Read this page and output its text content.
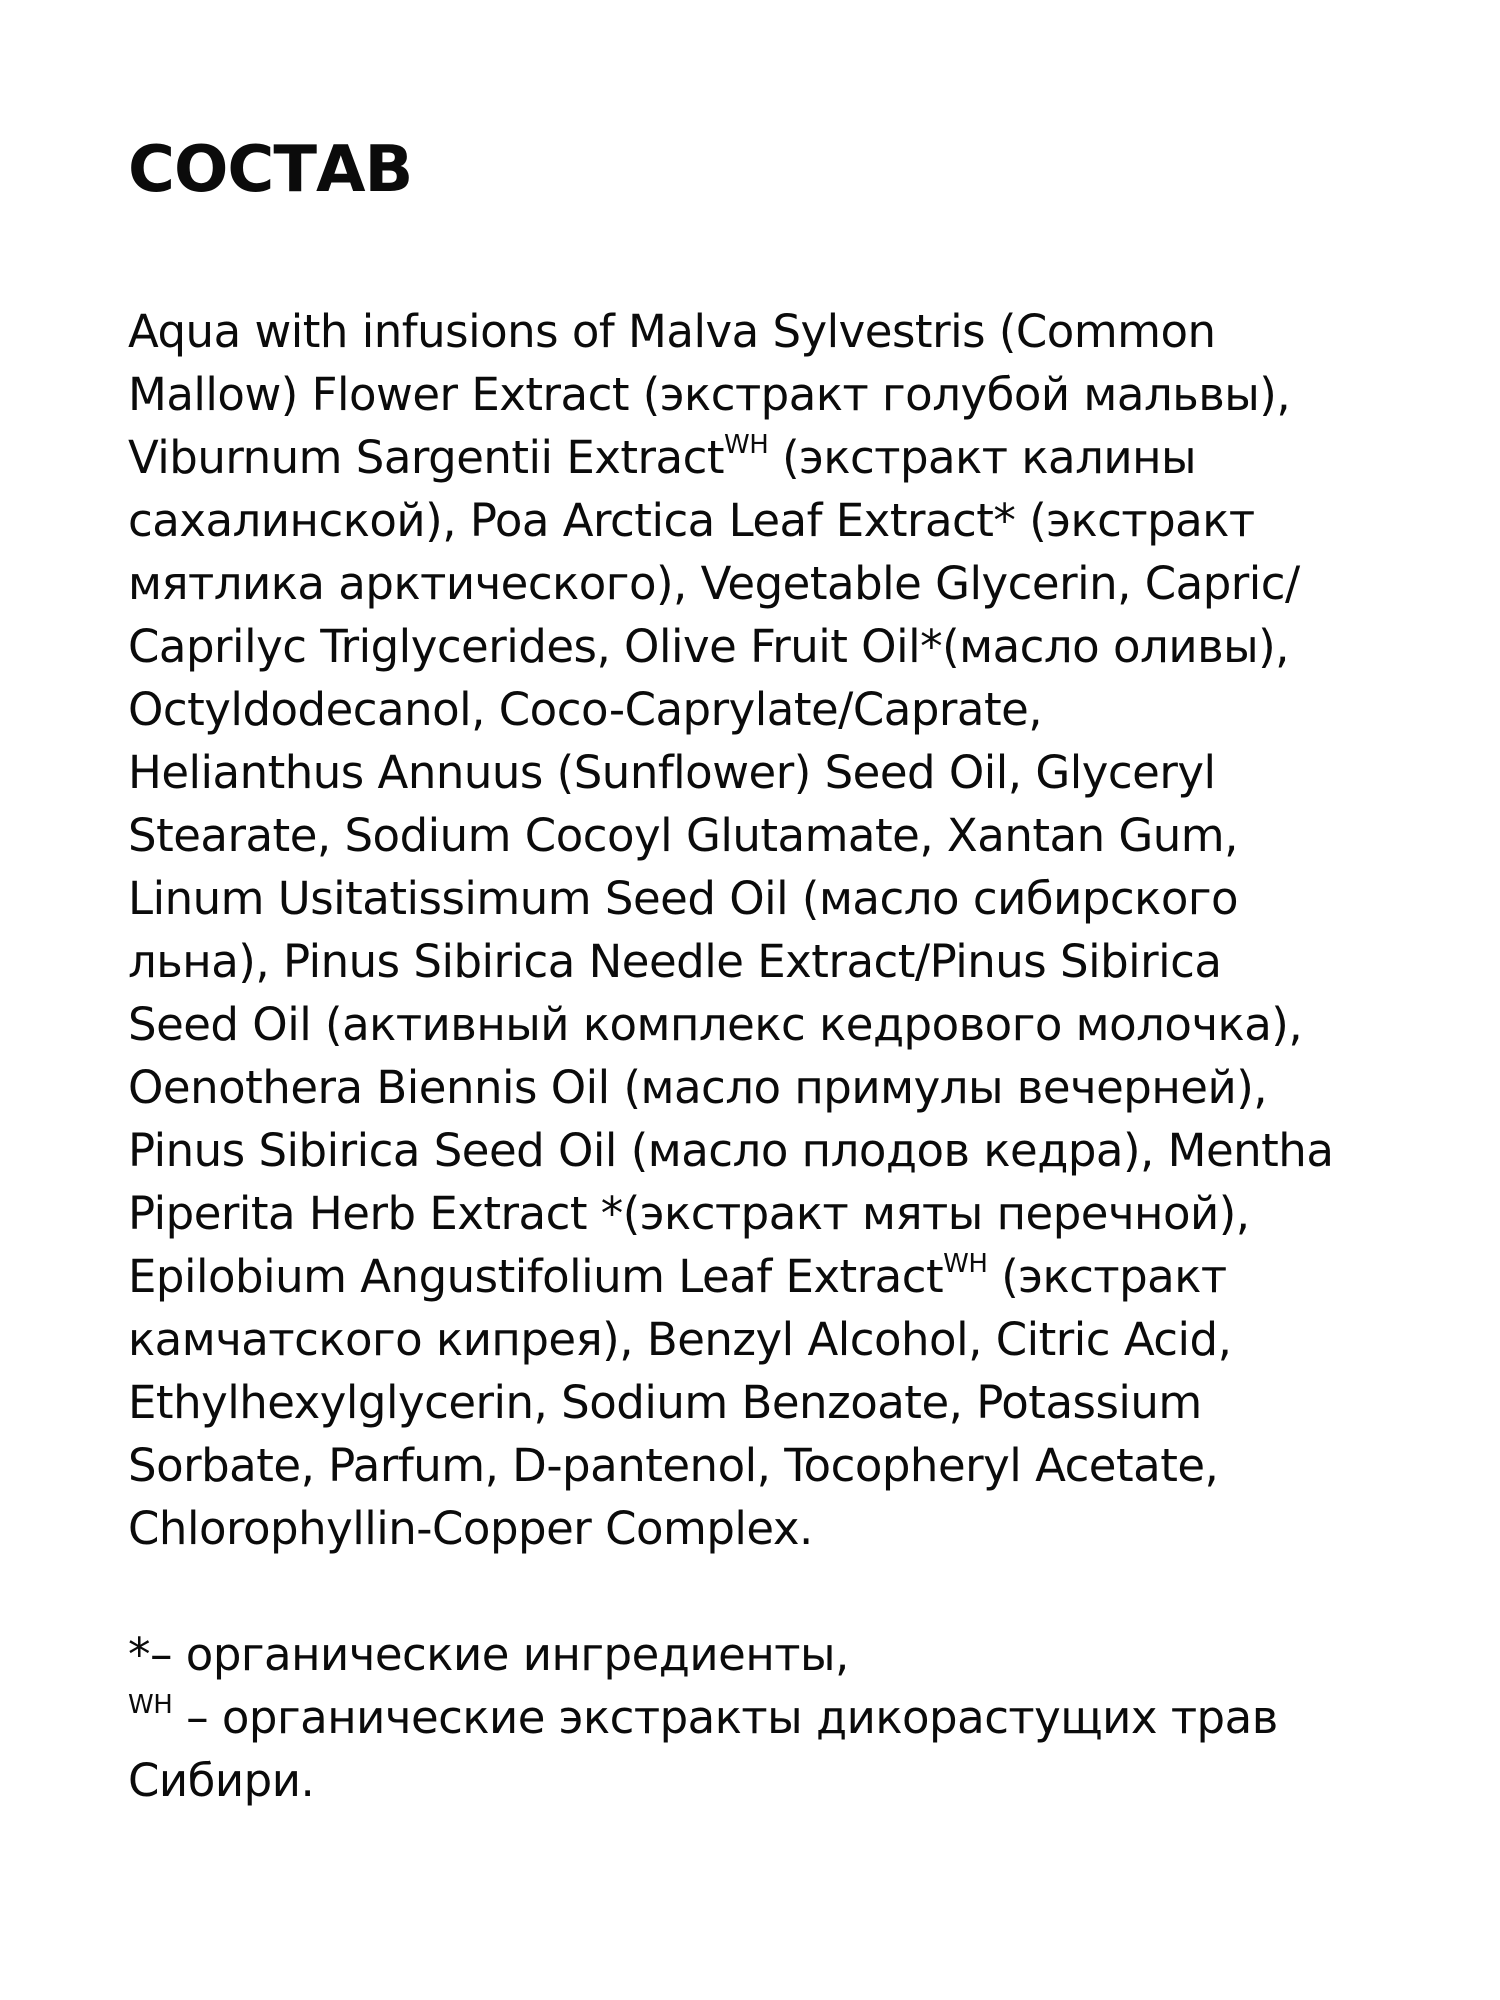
СОСТАВ
Aqua with infusions of Malva Sylvestris (Common
Mallow) Flower Extract (экстракт голубой мальвы),
Viburnum Sargentii Extract$^{WH}$ (экстракт калины
сахалинской), Poa Arctica Leaf Extract* (экстракт
мятлика арктического), Vegetable Glycerin, Capric/
Caprilyc Triglycerides, Olive Fruit Oil*(масло оливы),
Octyldodecanol, Coco-Caprylate/Caprate,
Helianthus Annuus (Sunflower) Seed Oil, Glyceryl
Stearate, Sodium Cocoyl Glutamate, Xantan Gum,
Linum Usitatissimum Seed Oil (масло сибирского
льна), Pinus Sibirica Needle Extract/Pinus Sibirica
Seed Oil (активный комплекс кедрового молочка),
Oenothera Biennis Oil (масло примулы вечерней),
Pinus Sibirica Seed Oil (масло плодов кедра), Mentha
Piperita Herb Extract *(экстракт мяты перечной),
Epilobium Angustifolium Leaf Extract$^{WH}$ (экстракт
камчатского кипрея), Benzyl Alcohol, Citric Acid,
Ethylhexylglycerin, Sodium Benzoate, Potassium
Sorbate, Parfum, D-pantenol, Tocopheryl Acetate,
Chlorophyllin-Copper Complex.
*– органические ингредиенты,
$^{WH}$ – органические экстракты дикорастущих трав
Сибири.
